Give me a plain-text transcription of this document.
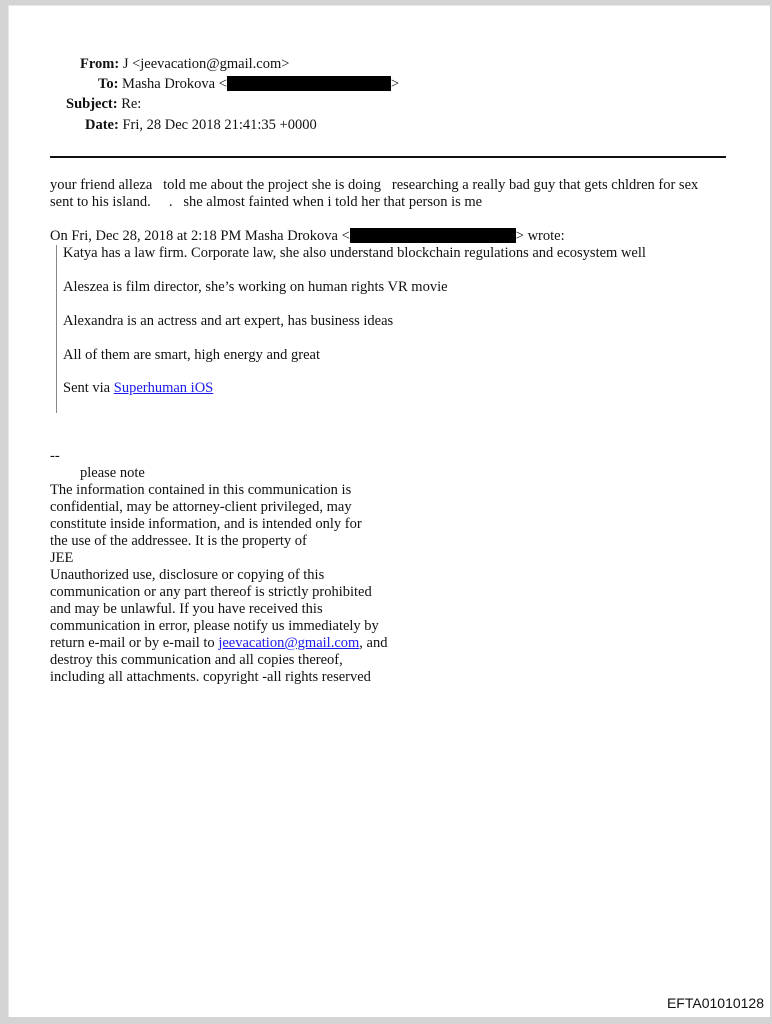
From: J <jeevacation@gmail.com>
To: Masha Drokova <	>
Subject: Re:
Date: Fri, 28 Dec 2018 21:41:35 +0000
your friend alleza   told me about the project she is doing   researching a really bad guy that gets chldren for sex
sent to his island.     .   she almost fainted when i told her that person is me
On Fri, Dec 28, 2018 at 2:18 PM Masha Drokova <	> wrote:
Katya has a law firm. Corporate law, she also understand blockchain regulations and ecosystem well
Aleszea is film director, she’s working on human rights VR movie
Alexandra is an actress and art expert, has business ideas
All of them are smart, high energy and great
Sent via Superhuman iOS
--
please note
The information contained in this communication is
confidential, may be attorney-client privileged, may
constitute inside information, and is intended only for
the use of the addressee. It is the property of
JEE
Unauthorized use, disclosure or copying of this
communication or any part thereof is strictly prohibited
and may be unlawful. If you have received this
communication in error, please notify us immediately by
return e-mail or by e-mail to jeevacation@gmail.com, and
destroy this communication and all copies thereof,
including all attachments. copyright -all rights reserved
EFTA01010128
